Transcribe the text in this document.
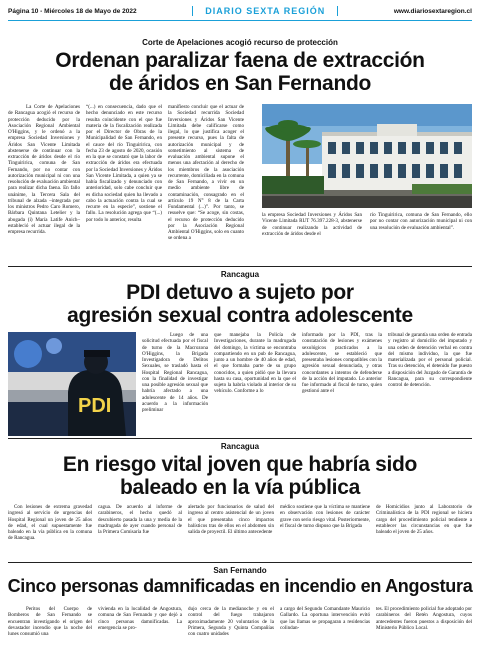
Página 10 - Miércoles 18 de Mayo de 2022	DIARIO SEXTA REGIÓN	www.diariosextaregion.cl
Corte de Apelaciones acogió recurso de protección
Ordenan paralizar faena de extracción
de áridos en San Fernando
La Corte de Apelaciones de Rancagua acogió el recurso de protección deducido por la Asociación Regional Ambiental O'Higgins, y le ordenó a la empresa Sociedad Inversiones y Áridos San Vicente Limitada abstenerse de continuar con la extracción de áridos desde el río Tinguiririca, comuna de San Fernando, por no contar con autorización municipal ni con una resolución de evaluación ambiental para realizar dicha faena. En fallo unánime, la Tercera Sala del tribunal de alzada –integrada por los ministros Pedro Caro Romero, Bárbara Quintana Letelier y la abogada (i) María Latife Anich– estableció el actuar ilegal de la empresa recurrida.
“(...) en consecuencia, dado que el hecho denunciado en este recurso resulta coincidente con el que fue materia de la fiscalización realizada por el Director de Obras de la Municipalidad de San Fernando, en el cauce del río Tinguiririca, con fecha 23 de agosto de 2020, ocasión en la que se constató que la labor de extracción de áridos era efectuada por la Sociedad Inversiones y Áridos San Vicente Limitada, a quien ya se había fiscalizado y denunciado con anterioridad, solo cabe concluir que es dicha sociedad quien ha llevado a cabo la actuación contra la cual se recurre en la especie”, sostiene el fallo. La resolución agrega que “(...) por todo lo anterior, resulta
manifiesto concluir que el actuar de la Sociedad recurrida Sociedad Inversiones y Áridos San Vicente Limitada debe calificarse como ilegal, lo que justifica acoger el presente recurso, pues la falta de autorización municipal y de sometimiento al sistema de evaluación ambiental supone el menos una afectación al derecho de los miembros de la asociación recurrente, domiciliada en la comuna de San Fernando, a vivir en un medio ambiente libre de contaminación, consagrado en el artículo 19 N° 8 de la Carta Fundamental (...)”. Por tanto, se resuelve que: “Se acoge, sin costas, el recurso de protección deducido por la Asociación Regional Ambiental O'Higgins, solo en cuanto se ordena a
la empresa Sociedad Inversiones y Áridos San Vicente Limitada RUT 76.397.228-3, abstenerse de continuar realizando la actividad de extracción de áridos desde el
río Tinguiririca, comuna de San Fernando, ello por no contar con autorización municipal ni con una resolución de evaluación ambiental”.
Rancagua
PDI detuvo a sujeto por
agresión sexual contra adolescente
PDI
Luego de una solicitud efectuada por el fiscal de turno de la Macrozona O'Higgins, la Brigada Investigadora de Delitos Sexuales, se trasladó hasta el Hospital Regional Rancagua, con la finalidad de investigar una posible agresión sexual que habría afectado a una adolescente de 14 años. De acuerdo a la información preliminar
que manejaba la Policía de Investigaciones, durante la madrugada del domingo, la víctima se encontraba compartiendo en un pub de Rancagua, junto a un hombre de 40 años de edad, el que formaba parte de su grupo conocidos, a quien pidió que la llevara hasta su casa, oportunidad en la que el sujeto la habría violado al interior de su vehículo. Conforme a lo
informado por la PDI, tras la constatación de lesiones y exámenes sexológicos practicados a la adolescente, se estableció que presentaba lesiones compatibles con la agresión sexual denunciada, y otras concordantes a intentos de defenderse de la acción del imputado. Lo anterior fue informado al fiscal de turno, quien gestionó ante el
tribunal de garantía una orden de entrada y registro al domicilio del imputado y una orden de detención verbal en contra del mismo individuo, la que fue materializada por el personal policial. Tras su detención, el detenido fue puesto a disposición del Juzgado de Garantía de Rancagua, para su correspondiente control de detención.
Rancagua
En riesgo vital joven que habría sido
baleado en la vía pública
Con lesiones de extrema gravedad ingresó al servicio de urgencias del Hospital Regional un joven de 25 años de edad, el cual supuestamente fue baleado en la vía pública en la comuna de Rancagua.
cagua. De acuerdo al informe de carabineros, el hecho quedó al descubierto pasada la una y media de la madrugada de ayer cuando personal de la Primera Comisaría fue
alertado por funcionarios de salud del ingreso al centro asistencial de un joven el que presentaba cinco impactos balísticos tras de ellos en el abdomen sin salida de proyectil. El último antecedente
médico sostiene que la víctima se mantiene en observación con lesiones de carácter grave con serio riesgo vital. Posteriormente, el fiscal de turno dispuso que la Brigada
de Homicidios junto al Laboratorio de Criminalística de la PDI regional se hiciera cargo del procedimiento policial tendiente a establecer las circunstancias en que fue baleado el joven de 25 años.
San Fernando
Cinco personas damnificadas en incendio en Angostura
Peritos del Cuerpo de Bomberos de San Fernando se encuentran investigando el origen del devastador incendio que la noche del lunes consumió una
vivienda en la localidad de Angostura, comuna de San Fernando y que dejó a cinco personas damnificadas. La emergencia se pro-
dujo cerca de la medianoche y en el control del fuego trabajaron aproximadamente 20 voluntarios de la Primera, Segunda y Quinta Compañías con cuatro unidades
a cargo del Segundo Comandante Mauricio Gallardo. La oportuna intervención evitó que las llamas se propagaran a residencias colindan-
tes. El procedimiento policial fue adoptado por carabineros del Retén Angostura, cuyos antecedentes fueron puestos a disposición del Ministerio Público Local.
